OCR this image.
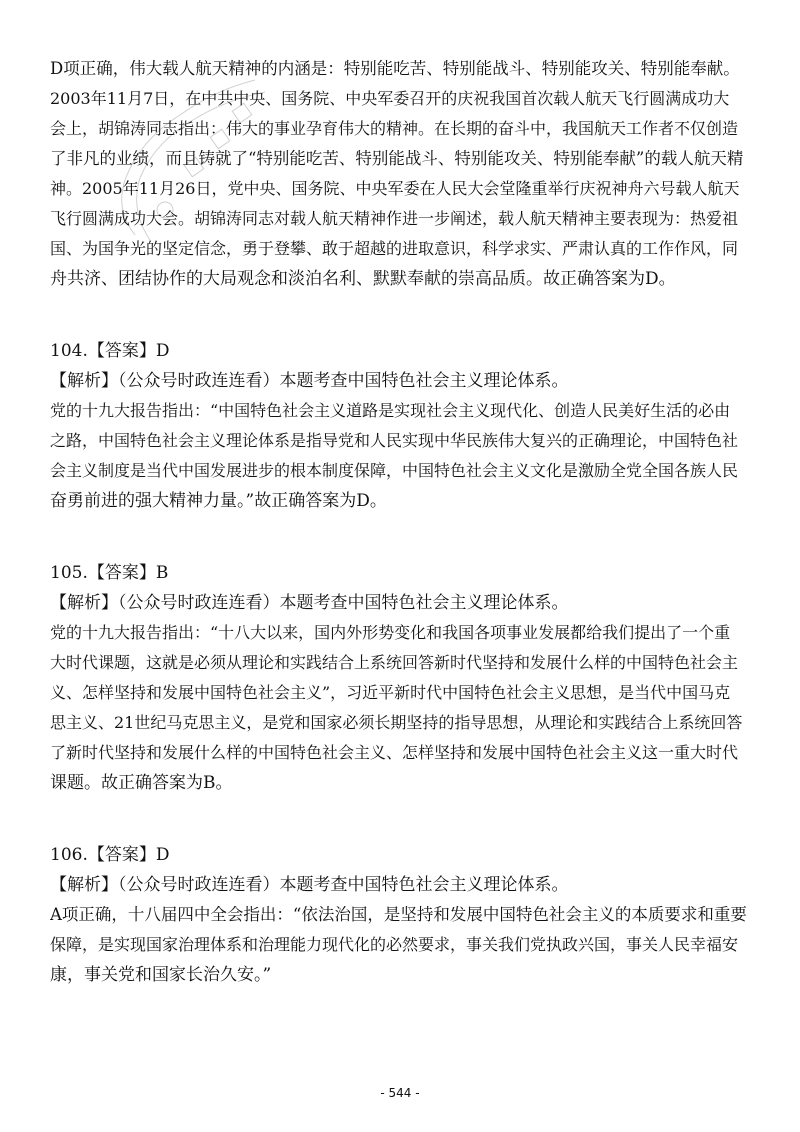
D项正确，伟大载人航天精神的内涵是：特别能吃苦、特别能战斗、特别能攻关、特别能奉献。
2003年11月7日，在中共中央、国务院、中央军委召开的庆祝我国首次载人航天飞行圆满成功大
会上，胡锦涛同志指出：伟大的事业孕育伟大的精神。在长期的奋斗中，我国航天工作者不仅创造
了非凡的业绩，而且铸就了“特别能吃苦、特别能战斗、特别能攻关、特别能奉献”的载人航天精
神。2005年11月26日，党中央、国务院、中央军委在人民大会堂隆重举行庆祝神舟六号载人航天
飞行圆满成功大会。胡锦涛同志对载人航天精神作进一步阐述，载人航天精神主要表现为：热爱祖
国、为国争光的坚定信念，勇于登攀、敢于超越的进取意识，科学求实、严肃认真的工作作风，同
舟共济、团结协作的大局观念和淡泊名利、默默奉献的崇高品质。故正确答案为D。
104.【答案】D
【解析】（公众号时政连连看）本题考查中国特色社会主义理论体系。
党的十九大报告指出：“中国特色社会主义道路是实现社会主义现代化、创造人民美好生活的必由
之路，中国特色社会主义理论体系是指导党和人民实现中华民族伟大复兴的正确理论，中国特色社
会主义制度是当代中国发展进步的根本制度保障，中国特色社会主义文化是激励全党全国各族人民
奋勇前进的强大精神力量。”故正确答案为D。
105.【答案】B
【解析】（公众号时政连连看）本题考查中国特色社会主义理论体系。
党的十九大报告指出：“十八大以来，国内外形势变化和我国各项事业发展都给我们提出了一个重
大时代课题，这就是必须从理论和实践结合上系统回答新时代坚持和发展什么样的中国特色社会主
义、怎样坚持和发展中国特色社会主义”，习近平新时代中国特色社会主义思想，是当代中国马克
思主义、21世纪马克思主义，是党和国家必须长期坚持的指导思想，从理论和实践结合上系统回答
了新时代坚持和发展什么样的中国特色社会主义、怎样坚持和发展中国特色社会主义这一重大时代
课题。故正确答案为B。
106.【答案】D
【解析】（公众号时政连连看）本题考查中国特色社会主义理论体系。
A项正确，十八届四中全会指出：“依法治国，是坚持和发展中国特色社会主义的本质要求和重要
保障，是实现国家治理体系和治理能力现代化的必然要求，事关我们党执政兴国，事关人民幸福安
康，事关党和国家长治久安。”
- 544 -
